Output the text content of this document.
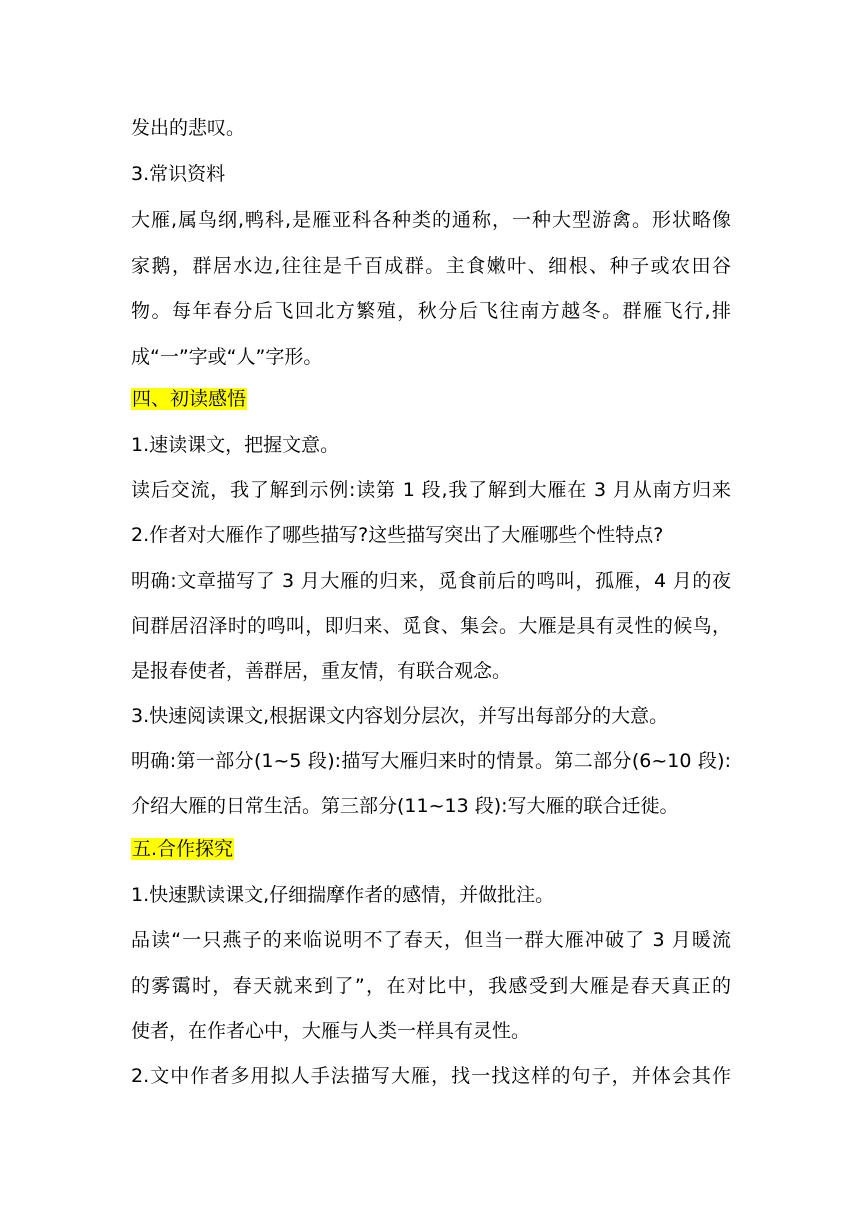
发出的悲叹。
3.常识资料
大雁,属鸟纲,鸭科,是雁亚科各种类的通称，一种大型游禽。形状略像
家鹅，群居水边,往往是千百成群。主食嫩叶、细根、种子或农田谷
物。每年春分后飞回北方繁殖，秋分后飞往南方越冬。群雁飞行,排
成“一”字或“人”字形。
四、初读感悟
1.速读课文，把握文意。
读后交流，我了解到示例:读第 1 段,我了解到大雁在 3 月从南方归来
2.作者对大雁作了哪些描写?这些描写突出了大雁哪些个性特点?
明确:文章描写了 3 月大雁的归来，觅食前后的鸣叫，孤雁，4 月的夜
间群居沼泽时的鸣叫，即归来、觅食、集会。大雁是具有灵性的候鸟，
是报春使者，善群居，重友情，有联合观念。
3.快速阅读课文,根据课文内容划分层次，并写出每部分的大意。
明确:第一部分(1~5 段):描写大雁归来时的情景。第二部分(6~10 段):
介绍大雁的日常生活。第三部分(11~13 段):写大雁的联合迁徙。
五.合作探究
1.快速默读课文,仔细揣摩作者的感情，并做批注。
品读“一只燕子的来临说明不了春天，但当一群大雁冲破了 3 月暖流
的雾霭时，春天就来到了”，在对比中，我感受到大雁是春天真正的
使者，在作者心中，大雁与人类一样具有灵性。
2.文中作者多用拟人手法描写大雁，找一找这样的句子，并体会其作
